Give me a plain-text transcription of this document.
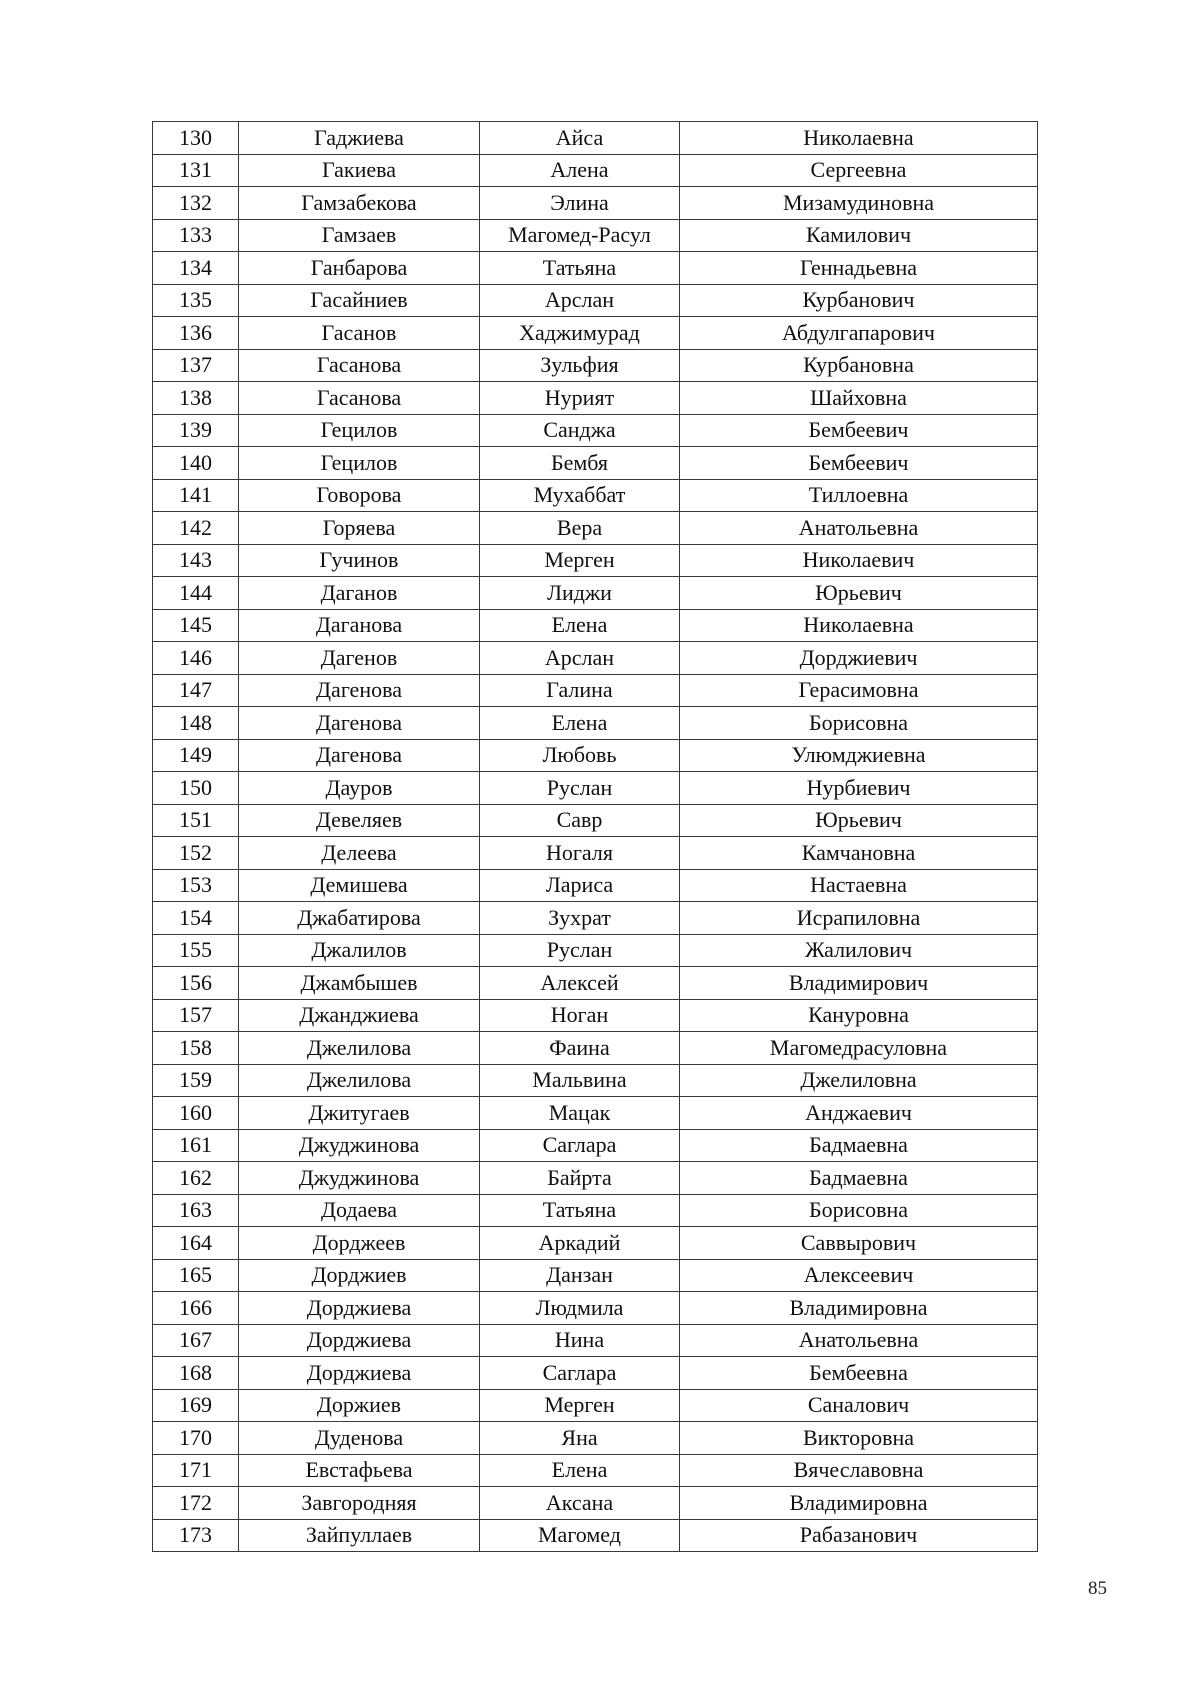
130	Гаджиева	Айса	Николаевна
131	Гакиева	Алена	Сергеевна
132	Гамзабекова	Элина	Мизамудиновна
133	Гамзаев	Магомед-Расул	Камилович
134	Ганбарова	Татьяна	Геннадьевна
135	Гасайниев	Арслан	Курбанович
136	Гасанов	Хаджимурад	Абдулгапарович
137	Гасанова	Зульфия	Курбановна
138	Гасанова	Нурият	Шайховна
139	Гецилов	Санджа	Бембеевич
140	Гецилов	Бембя	Бембеевич
141	Говорова	Мухаббат	Тиллоевна
142	Горяева	Вера	Анатольевна
143	Гучинов	Мерген	Николаевич
144	Даганов	Лиджи	Юрьевич
145	Даганова	Елена	Николаевна
146	Дагенов	Арслан	Дорджиевич
147	Дагенова	Галина	Герасимовна
148	Дагенова	Елена	Борисовна
149	Дагенова	Любовь	Улюмджиевна
150	Дауров	Руслан	Нурбиевич
151	Девеляев	Савр	Юрьевич
152	Делеева	Ногаля	Камчановна
153	Демишева	Лариса	Настаевна
154	Джабатирова	Зухрат	Исрапиловна
155	Джалилов	Руслан	Жалилович
156	Джамбышев	Алексей	Владимирович
157	Джанджиева	Ноган	Кануровна
158	Джелилова	Фаина	Магомедрасуловна
159	Джелилова	Мальвина	Джелиловна
160	Джитугаев	Мацак	Анджаевич
161	Джуджинова	Саглара	Бадмаевна
162	Джуджинова	Байрта	Бадмаевна
163	Додаева	Татьяна	Борисовна
164	Дорджеев	Аркадий	Саввырович
165	Дорджиев	Данзан	Алексеевич
166	Дорджиева	Людмила	Владимировна
167	Дорджиева	Нина	Анатольевна
168	Дорджиева	Саглара	Бембеевна
169	Доржиев	Мерген	Саналович
170	Дуденова	Яна	Викторовна
171	Евстафьева	Елена	Вячеславовна
172	Завгородняя	Аксана	Владимировна
173	Зайпуллаев	Магомед	Рабазанович
85
